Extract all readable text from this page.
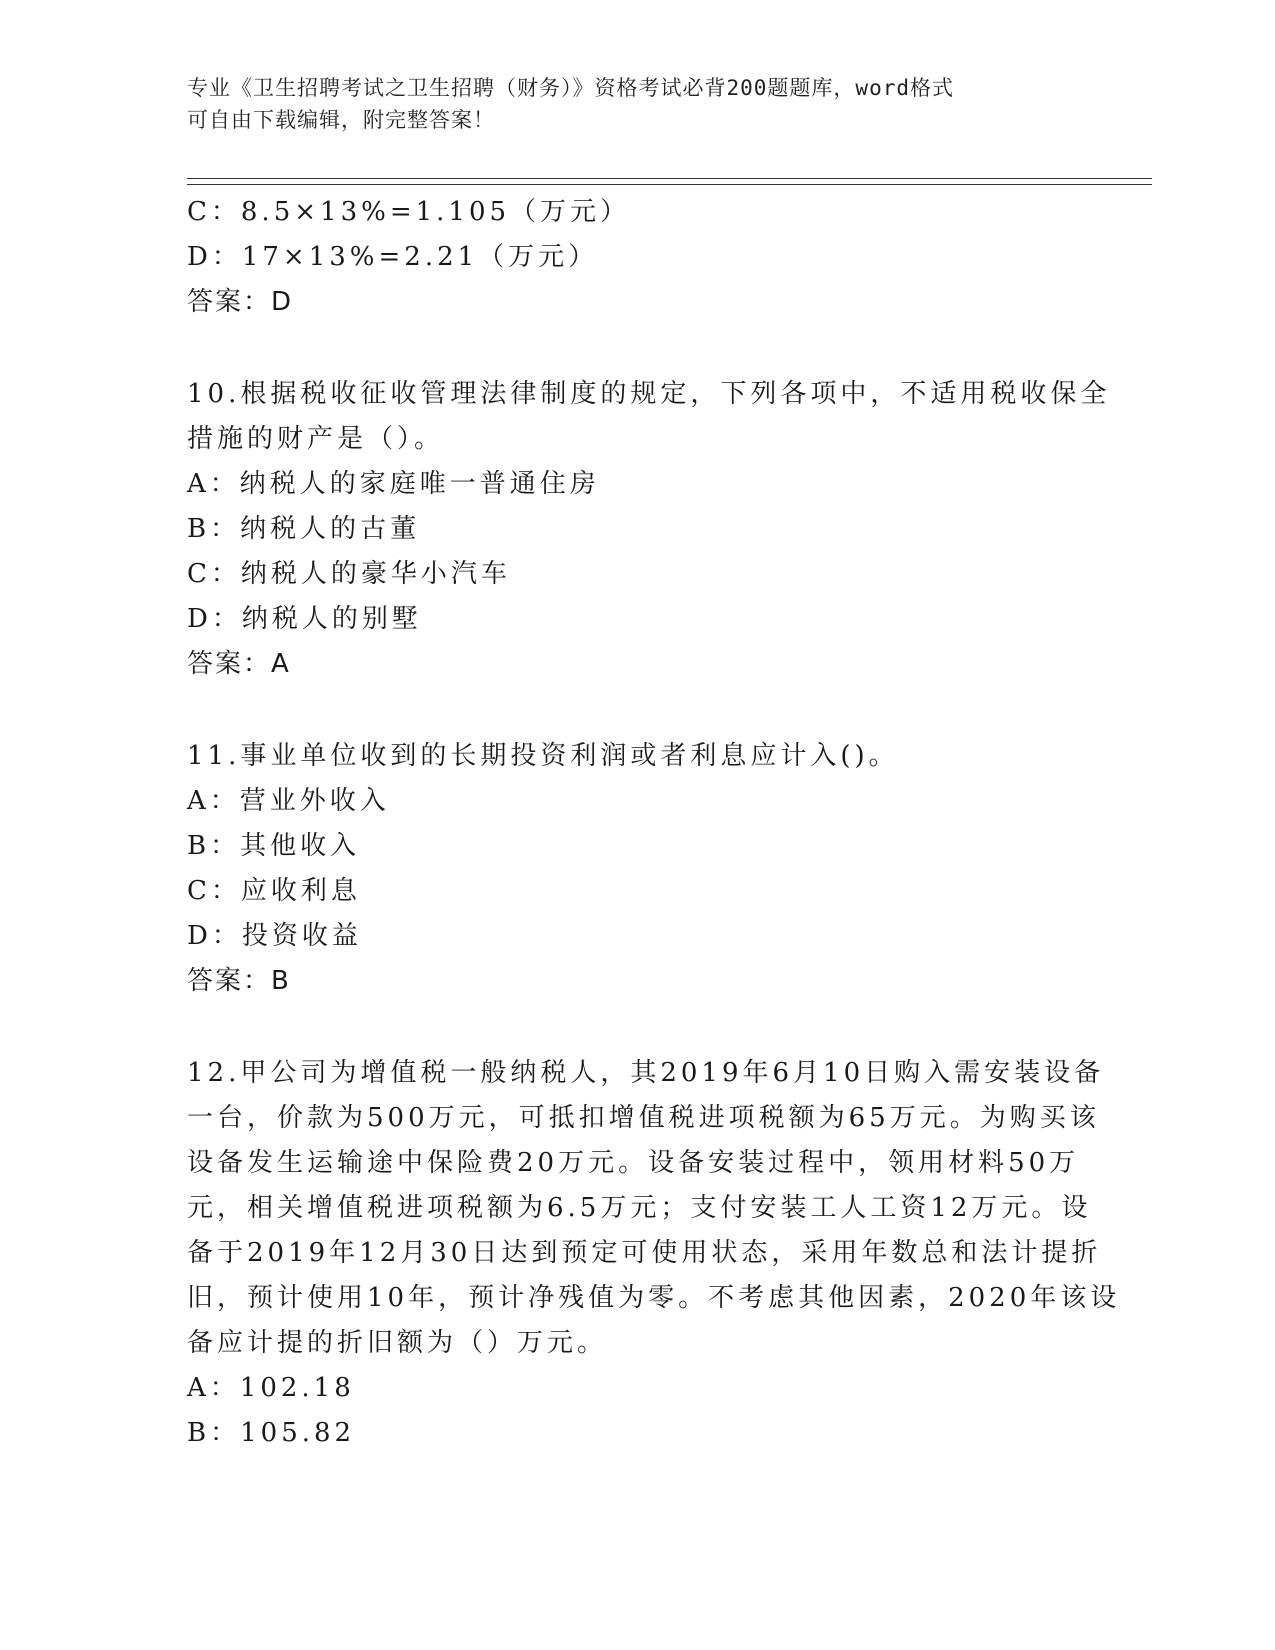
专业《卫生招聘考试之卫生招聘（财务）》资格考试必背200题题库，word格式
可自由下载编辑，附完整答案！
C：8.5×13%=1.105（万元）
D：17×13%=2.21（万元）
答案：D
10.根据税收征收管理法律制度的规定，下列各项中，不适用税收保全
措施的财产是（）。
A：纳税人的家庭唯一普通住房
B：纳税人的古董
C：纳税人的豪华小汽车
D：纳税人的别墅
答案：A
11.事业单位收到的长期投资利润或者利息应计入()。
A：营业外收入
B：其他收入
C：应收利息
D：投资收益
答案：B
12.甲公司为增值税一般纳税人，其2019年6月10日购入需安装设备
一台，价款为500万元，可抵扣增值税进项税额为65万元。为购买该
设备发生运输途中保险费20万元。设备安装过程中，领用材料50万
元，相关增值税进项税额为6.5万元；支付安装工人工资12万元。设
备于2019年12月30日达到预定可使用状态，采用年数总和法计提折
旧，预计使用10年，预计净残值为零。不考虑其他因素，2020年该设
备应计提的折旧额为（）万元。
A：102.18
B：105.82
